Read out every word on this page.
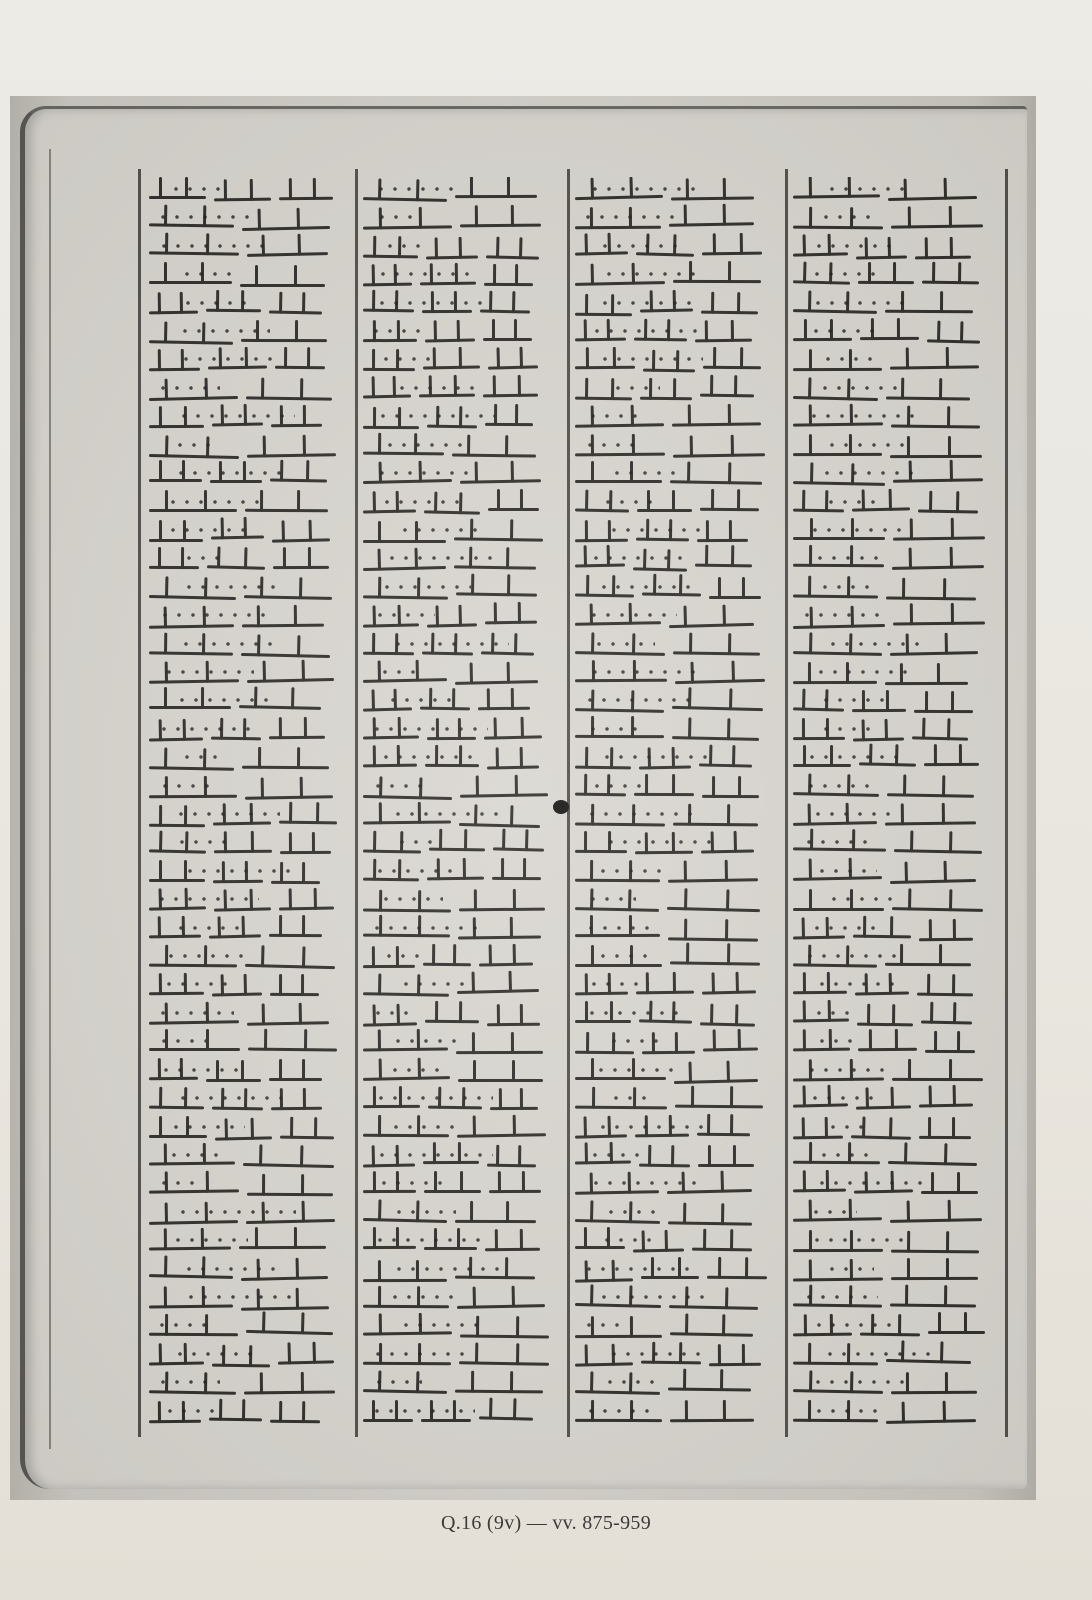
Q.16 (9v) — vv. 875-959
